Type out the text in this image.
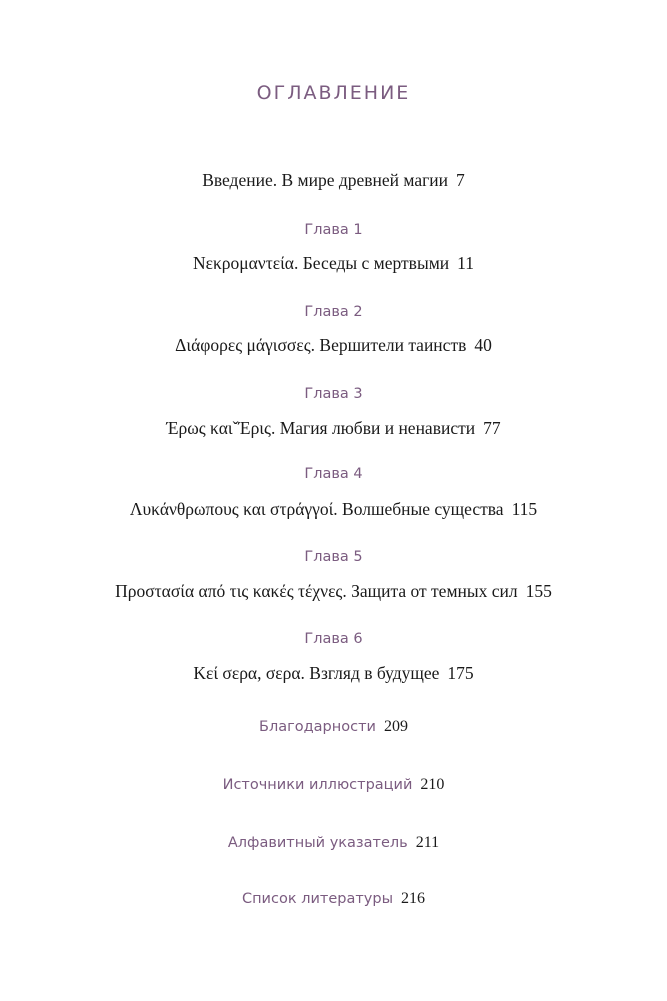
ОГЛАВЛЕНИЕ
Введение. В мире древней магии 7
Глава 1
Νεκρομαντεία. Беседы с мертвыми 11
Глава 2
Διάφορες μάγισσες. Вершители таинств 40
Глава 3
Έρως καιˇΈρις. Магия любви и ненависти 77
Глава 4
Λυκάνθρωπους και στράγγοί. Волшебные существа 115
Глава 5
Προστασία από τις κακές τέχνες. Защита от темных сил 155
Глава 6
Κεί σερα, σερα. Взгляд в будущее 175
Благодарности 209
Источники иллюстраций 210
Алфавитный указатель 211
Список литературы 216
